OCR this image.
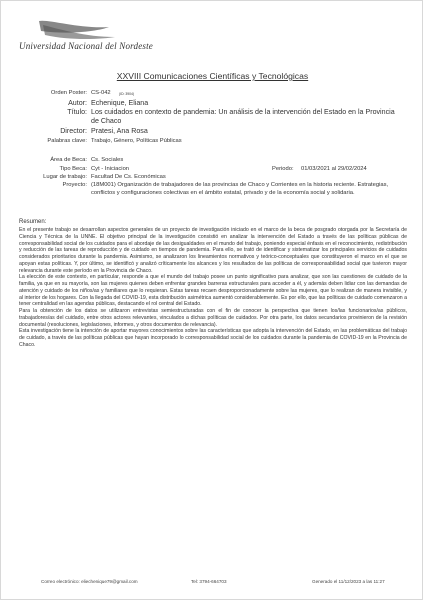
Universidad Nacional del Nordeste
XXVIII Comunicaciones Científicas y Tecnológicas
Orden Poster: CS-042 (ID: 3904)
Autor: Echenique, Eliana
Título: Los cuidados en contexto de pandemia: Un análisis de la intervención del Estado en la Provincia
de Chaco
Director: Pratesi, Ana Rosa
Palabras clave: Trabajo, Género, Políticas Públicas
Área de Beca: Cs. Sociales
Tipo Beca: Cyt - Iniciacion	Periodo: 01/03/2021 al 29/02/2024
Lugar de trabajo: Facultad De Cs. Económicas
Proyecto: (18M001) Organización de trabajadores de las provincias de Chaco y Corrientes en la historia reciente. Estrategias,
conflictos y configuraciones colectivas en el ámbito estatal, privado y de la economía social y solidaria.
Resumen:

En el presente trabajo se desarrollan aspectos generales de un proyecto de investigación iniciado en el marco de la beca de posgrado otorgada por la Secretaría de Ciencia y Técnica de la UNNE. El objetivo principal de la investigación consistió en analizar la intervención del Estado a través de las políticas públicas de corresponsabilidad social de los cuidados para el abordaje de las desigualdades en el mundo del trabajo, poniendo especial énfasis en el reconocimiento, redistribución y reducción de las tareas de reproducción y de cuidado en tiempos de pandemia. Para ello, se trató de identificar y sistematizar los principales servicios de cuidados considerados prioritarios durante la pandemia. Asimismo, se analizaron los lineamientos normativos y teórico-conceptuales que constituyeron el marco en el que se apoyan estas políticas. Y, por último, se identificó y analizó críticamente los alcances y los resultados de las políticas de corresponsabilidad social que tuvieron mayor relevancia durante este período en la Provincia de Chaco.

La elección de este contexto, en particular, responde a que el mundo del trabajo posee un punto significativo para analizar, que son las cuestiones de cuidado de la familia, ya que en su mayoría, son las mujeres quienes deben enfrentar grandes barreras estructurales para acceder a él, y además deben lidiar con las demandas de atención y cuidado de los niños/as y familiares que lo requieran. Estas tareas recaen desproporcionadamente sobre las mujeres, que lo realizan de manera invisible, y al interior de los hogares. Con la llegada del COVID-19, esta distribución asimétrica aumentó considerablemente. Es por ello, que las políticas de cuidado comenzaron a tener centralidad en las agendas públicas, destacando el rol central del Estado.

Para la obtención de los datos se utilizaron entrevistas semiestructuradas con el fin de conocer la perspectiva que tienen los/las funcionarios/as públicos, trabajadores/as del cuidado, entre otros actores relevantes, vinculados a dichas políticas de cuidados. Por otra parte, los datos secundarios provinieron de la revisión documental (resoluciones, legislaciones, informes, y otros documentos de relevancia).

Esta investigación tiene la intención de aportar mayores conocimientos sobre las características que adopta la intervención del Estado, en las problemáticas del trabajo de cuidado, a través de las políticas públicas que hayan incorporado lo corresponsabilidad social de los cuidados durante la pandemia de COVID-19 en la Provincia de Chaco.

Correo electrónico: eliechenique79@gmail.com	Tel: 3794-664703	Generado el 11/12/2023 a las 11:27
